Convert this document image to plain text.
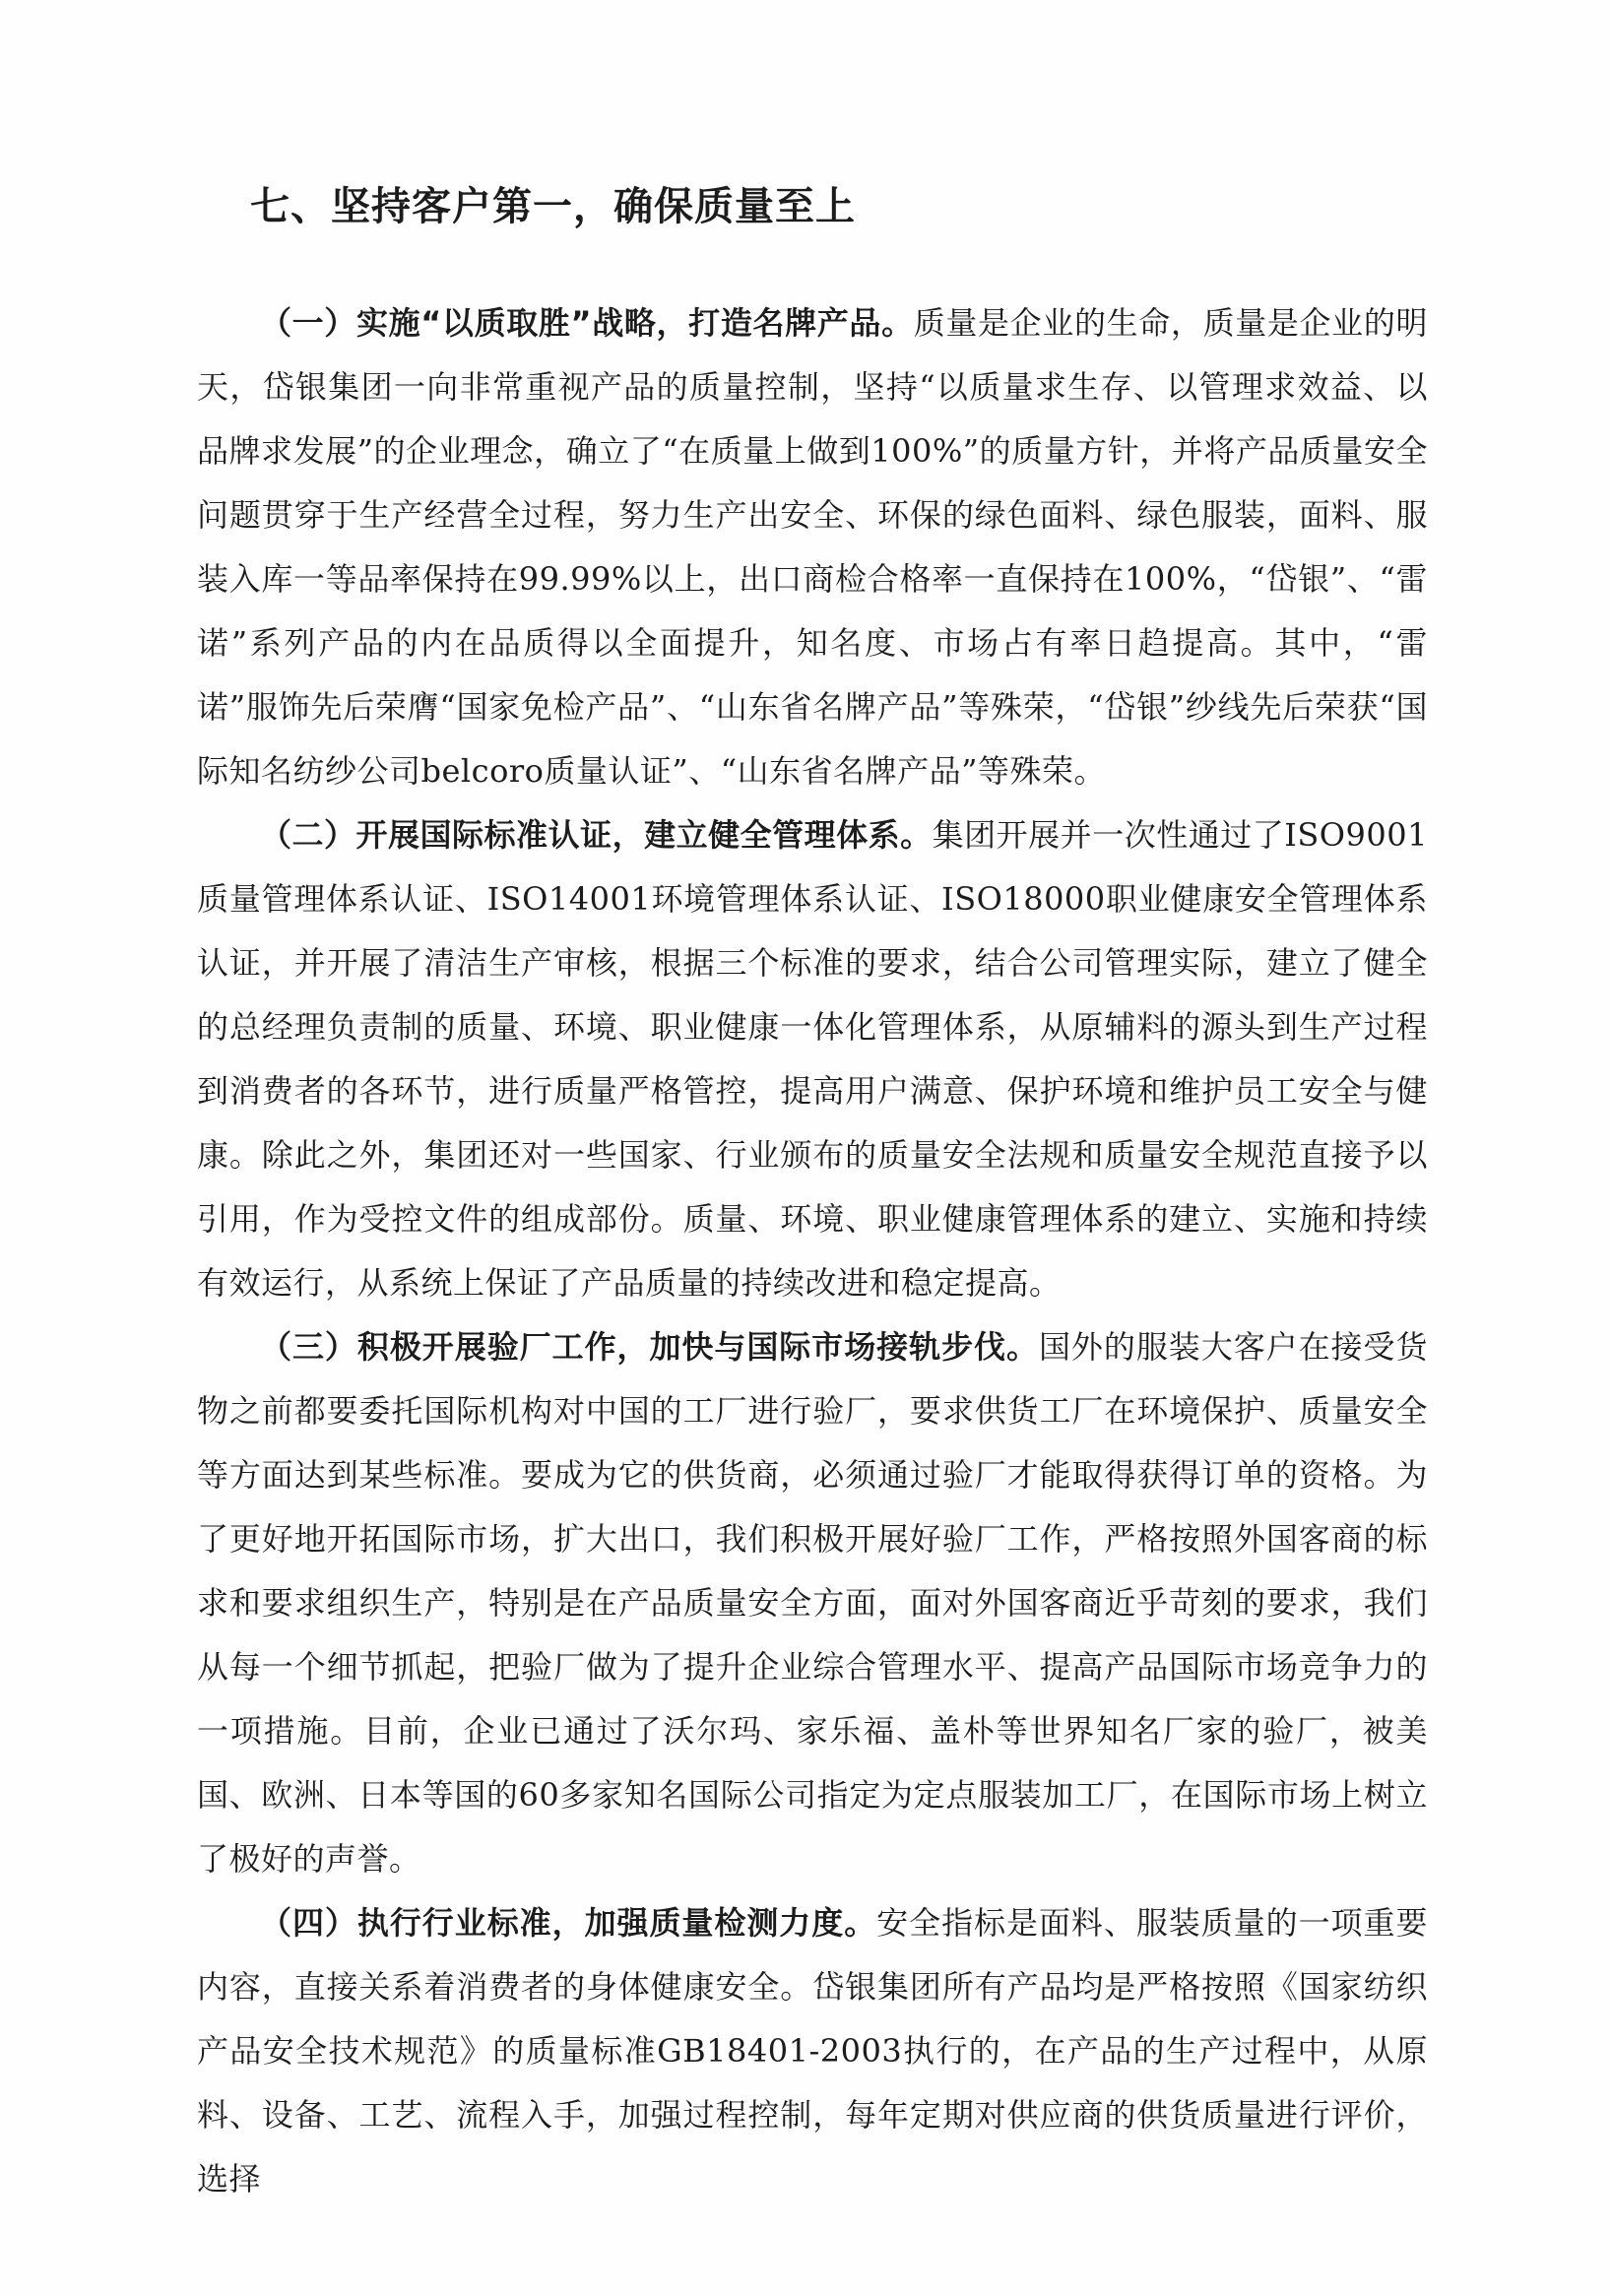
七、坚持客户第一，确保质量至上

（一）实施“以质取胜”战略，打造名牌产品。质量是企业的生命，质量是企业的明天，岱银集团一向非常重视产品的质量控制，坚持“以质量求生存、以管理求效益、以品牌求发展”的企业理念，确立了“在质量上做到100%”的质量方针，并将产品质量安全问题贯穿于生产经营全过程，努力生产出安全、环保的绿色面料、绿色服装，面料、服装入库一等品率保持在99.99%以上，出口商检合格率一直保持在100%，“岱银”、“雷诺”系列产品的内在品质得以全面提升，知名度、市场占有率日趋提高。其中，“雷诺”服饰先后荣膺“国家免检产品”、“山东省名牌产品”等殊荣，“岱银”纱线先后荣获“国际知名纺纱公司belcoro质量认证”、“山东省名牌产品”等殊荣。

（二）开展国际标准认证，建立健全管理体系。集团开展并一次性通过了ISO9001质量管理体系认证、ISO14001环境管理体系认证、ISO18000职业健康安全管理体系认证，并开展了清洁生产审核，根据三个标准的要求，结合公司管理实际，建立了健全的总经理负责制的质量、环境、职业健康一体化管理体系，从原辅料的源头到生产过程到消费者的各环节，进行质量严格管控，提高用户满意、保护环境和维护员工安全与健康。除此之外，集团还对一些国家、行业颁布的质量安全法规和质量安全规范直接予以引用，作为受控文件的组成部份。质量、环境、职业健康管理体系的建立、实施和持续有效运行，从系统上保证了产品质量的持续改进和稳定提高。

（三）积极开展验厂工作，加快与国际市场接轨步伐。国外的服装大客户在接受货物之前都要委托国际机构对中国的工厂进行验厂，要求供货工厂在环境保护、质量安全等方面达到某些标准。要成为它的供货商，必须通过验厂才能取得获得订单的资格。为了更好地开拓国际市场，扩大出口，我们积极开展好验厂工作，严格按照外国客商的标求和要求组织生产，特别是在产品质量安全方面，面对外国客商近乎苛刻的要求，我们从每一个细节抓起，把验厂做为了提升企业综合管理水平、提高产品国际市场竞争力的一项措施。目前，企业已通过了沃尔玛、家乐福、盖朴等世界知名厂家的验厂，被美国、欧洲、日本等国的60多家知名国际公司指定为定点服装加工厂，在国际市场上树立了极好的声誉。

（四）执行行业标准，加强质量检测力度。安全指标是面料、服装质量的一项重要内容，直接关系着消费者的身体健康安全。岱银集团所有产品均是严格按照《国家纺织产品安全技术规范》的质量标准GB18401-2003执行的，在产品的生产过程中，从原料、设备、工艺、流程入手，加强过程控制，每年定期对供应商的供货质量进行评价，选择
